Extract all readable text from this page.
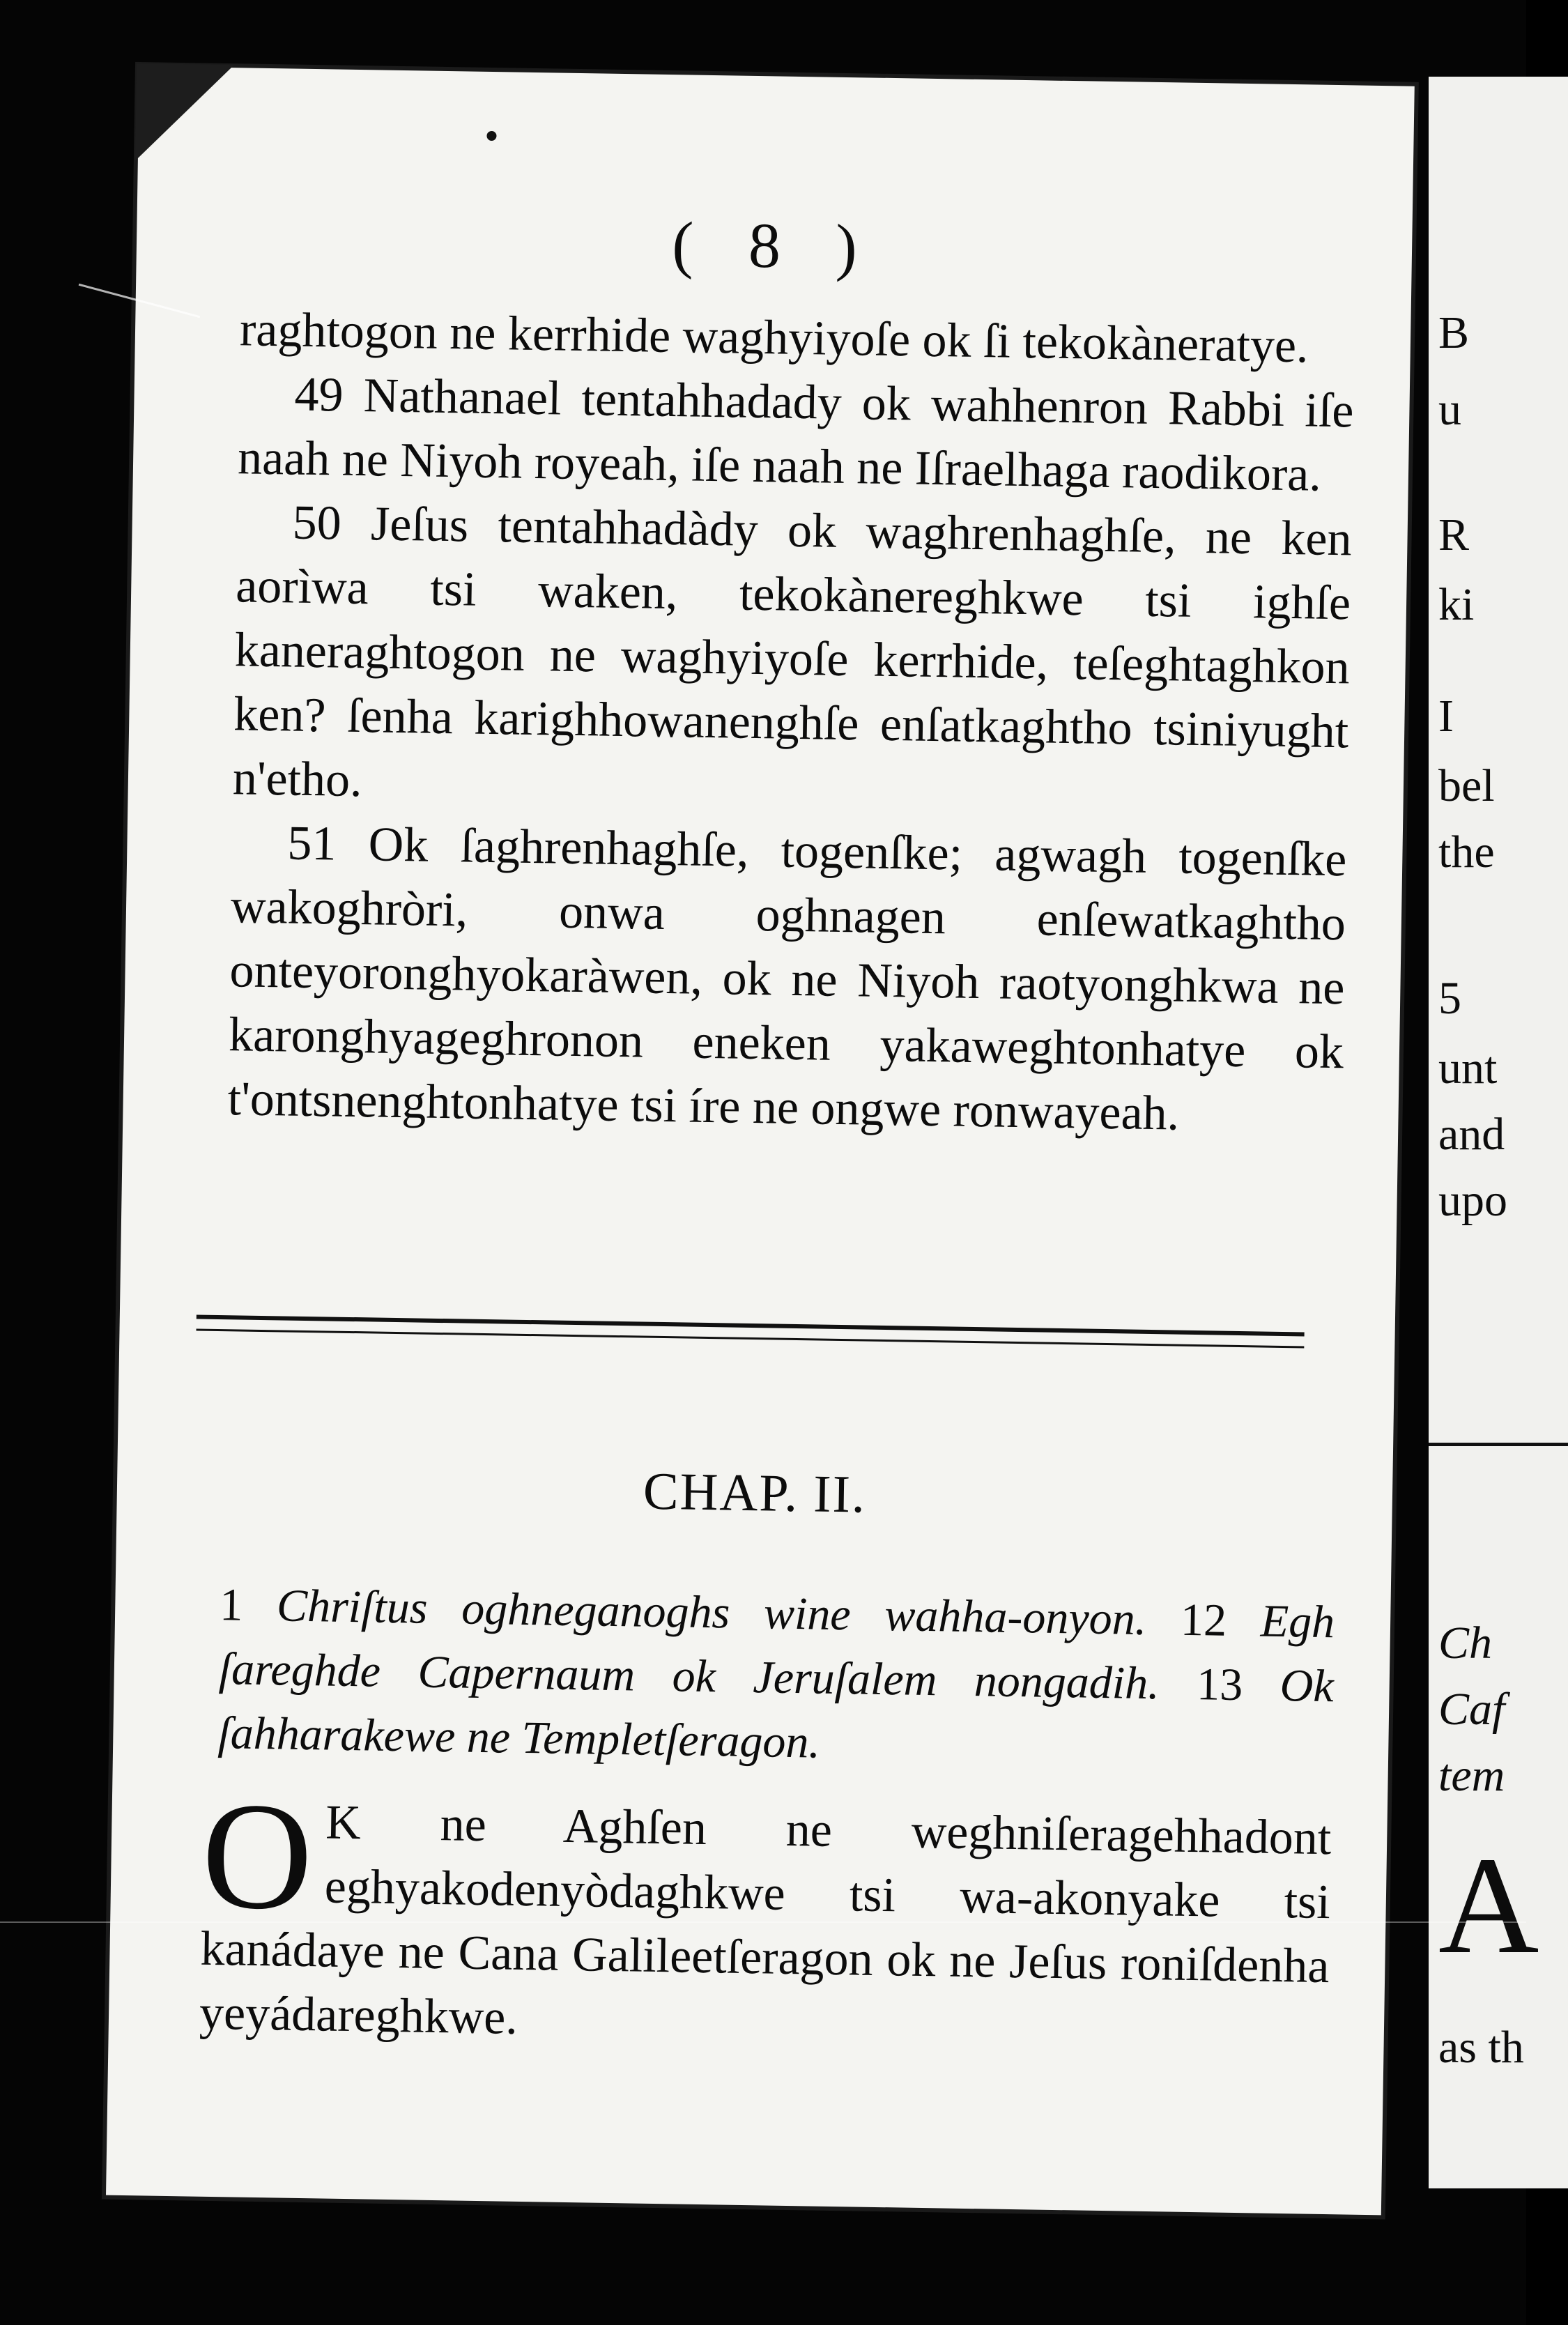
( 8 )

raghtogon ne kerrhide waghyiyoſe ok ſi tekokàneratye.

49 Nathanael tentahhadady ok wahhenron Rabbi iſe naah ne Niyoh royeah, iſe naah ne Iſraelhaga raodikora.

50 Jeſus tentahhadàdy ok waghrenhaghſe, ne ken aorìwa tsi waken, tekokànereghkwe tsi ighſe kaneraghtogon ne waghyiyoſe kerrhide, teſeghtaghkon ken? ſenha karighhowanenghſe enſatkaghtho tsiniyught n'etho.

51 Ok ſaghrenhaghſe, togenſke; agwagh togenſke wakoghròri, onwa oghnagen enſewatkaghtho onteyoronghyokaràwen, ok ne Niyoh raotyonghkwa ne karonghyageghronon eneken yakaweghtonhatye ok t'ontsnenghtonhatye tsi íre ne ongwe ronwayeah.

CHAP. II.
1 Chriſtus oghneganoghs wine wahha-onyon. 12 Egh ſareghde Capernaum ok Jeruſalem nongadih. 13 Ok ſahharakewe ne Templetſeragon.
O K ne Aghſen ne weghniſeragehhadont eghyakodenyòdaghkwe tsi wa-akonyake tsi kanádaye ne Cana Galileetſeragon ok ne Jeſus roniſdenha yeyádareghkwe.
B
u
R
ki
I
bel
the
5
unt
and
upo
Ch
Caf
tem
A
as th
